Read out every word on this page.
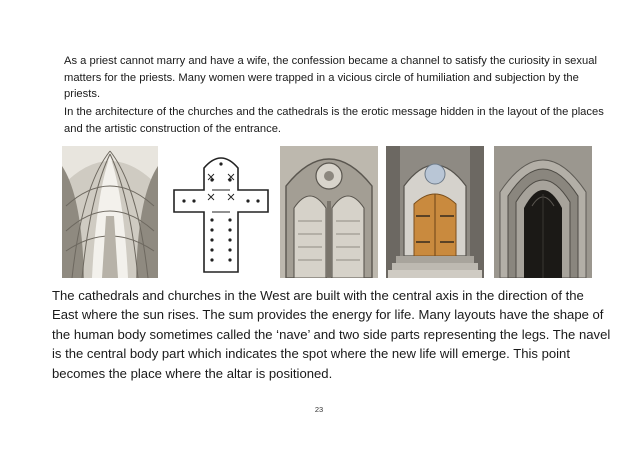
As a priest cannot marry and have a wife, the confession became a channel to satisfy the curiosity in sexual matters for the priests. Many women were trapped in a vicious circle of humiliation and subjection by the priests.

In the architecture of the churches and the cathedrals is the erotic message hidden in the layout of the places and the artistic construction of the entrance.

The cathedrals and churches in the West are built with the central axis in the direction of the East where the sun rises. The sum provides the energy for life. Many layouts have the shape of the human body sometimes called the ‘nave’ and two side parts representing the legs. The navel is the central body part which indicates the spot where the new life will emerge. This point becomes the place where the altar is positioned.

23
